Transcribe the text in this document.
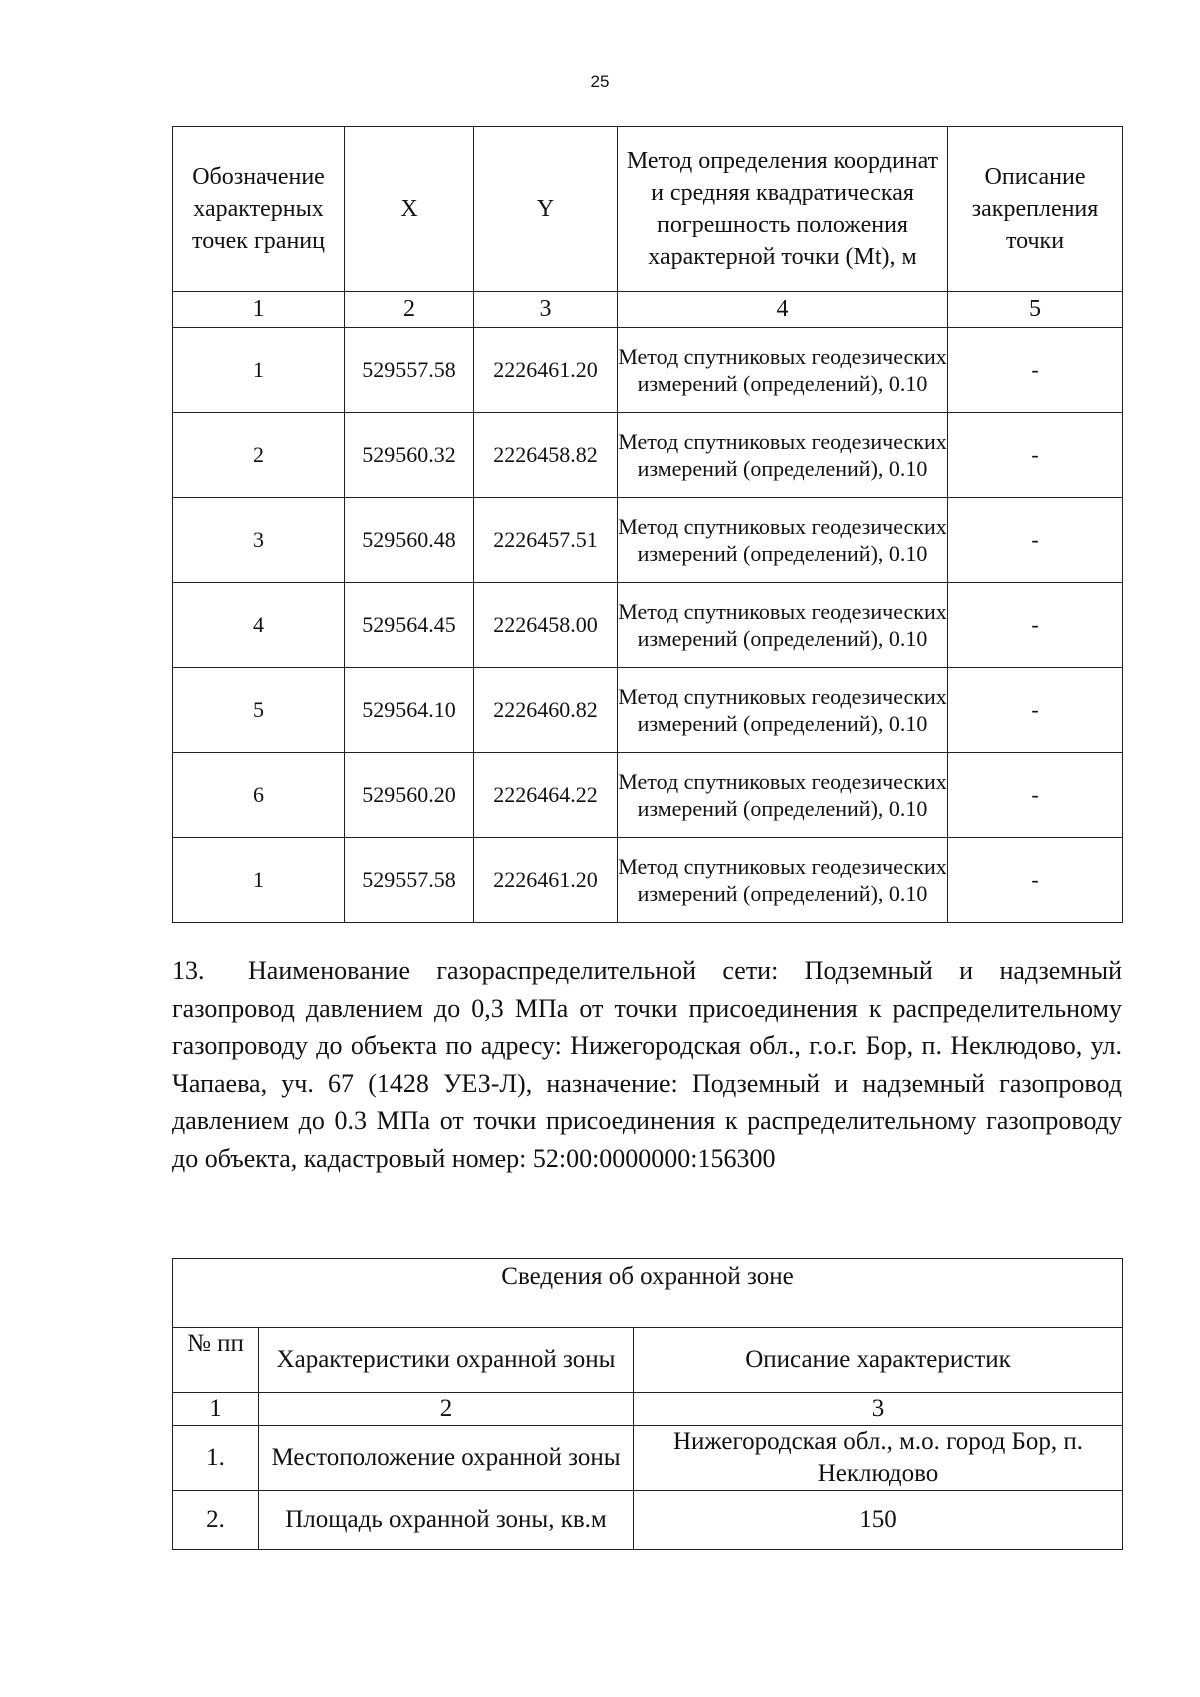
25
Обозначение характерных точек границ	X	Y	Метод определения координат и средняя квадратическая погрешность положения характерной точки (Mt), м	Описание закрепления точки
1	2	3	4	5
1	529557.58	2226461.20	Метод спутниковых геодезических измерений (определений), 0.10	-
2	529560.32	2226458.82	Метод спутниковых геодезических измерений (определений), 0.10	-
3	529560.48	2226457.51	Метод спутниковых геодезических измерений (определений), 0.10	-
4	529564.45	2226458.00	Метод спутниковых геодезических измерений (определений), 0.10	-
5	529564.10	2226460.82	Метод спутниковых геодезических измерений (определений), 0.10	-
6	529560.20	2226464.22	Метод спутниковых геодезических измерений (определений), 0.10	-
1	529557.58	2226461.20	Метод спутниковых геодезических измерений (определений), 0.10	-
13. Наименование газораспределительной сети: Подземный и надземный газопровод давлением до 0,3 МПа от точки присоединения к распределительному газопроводу до объекта по адресу: Нижегородская обл., г.о.г. Бор, п. Неклюдово, ул. Чапаева, уч. 67 (1428 УЕЗ-Л), назначение: Подземный и надземный газопровод давлением до 0.3 МПа от точки присоединения к распределительному газопроводу до объекта, кадастровый номер: 52:00:0000000:156300
Сведения об охранной зоне		
№ пп	Характеристики охранной зоны	Описание характеристик
1	2	3
1.	Местоположение охранной зоны	Нижегородская обл., м.о. город Бор, п. Неклюдово
2.	Площадь охранной зоны, кв.м	150
